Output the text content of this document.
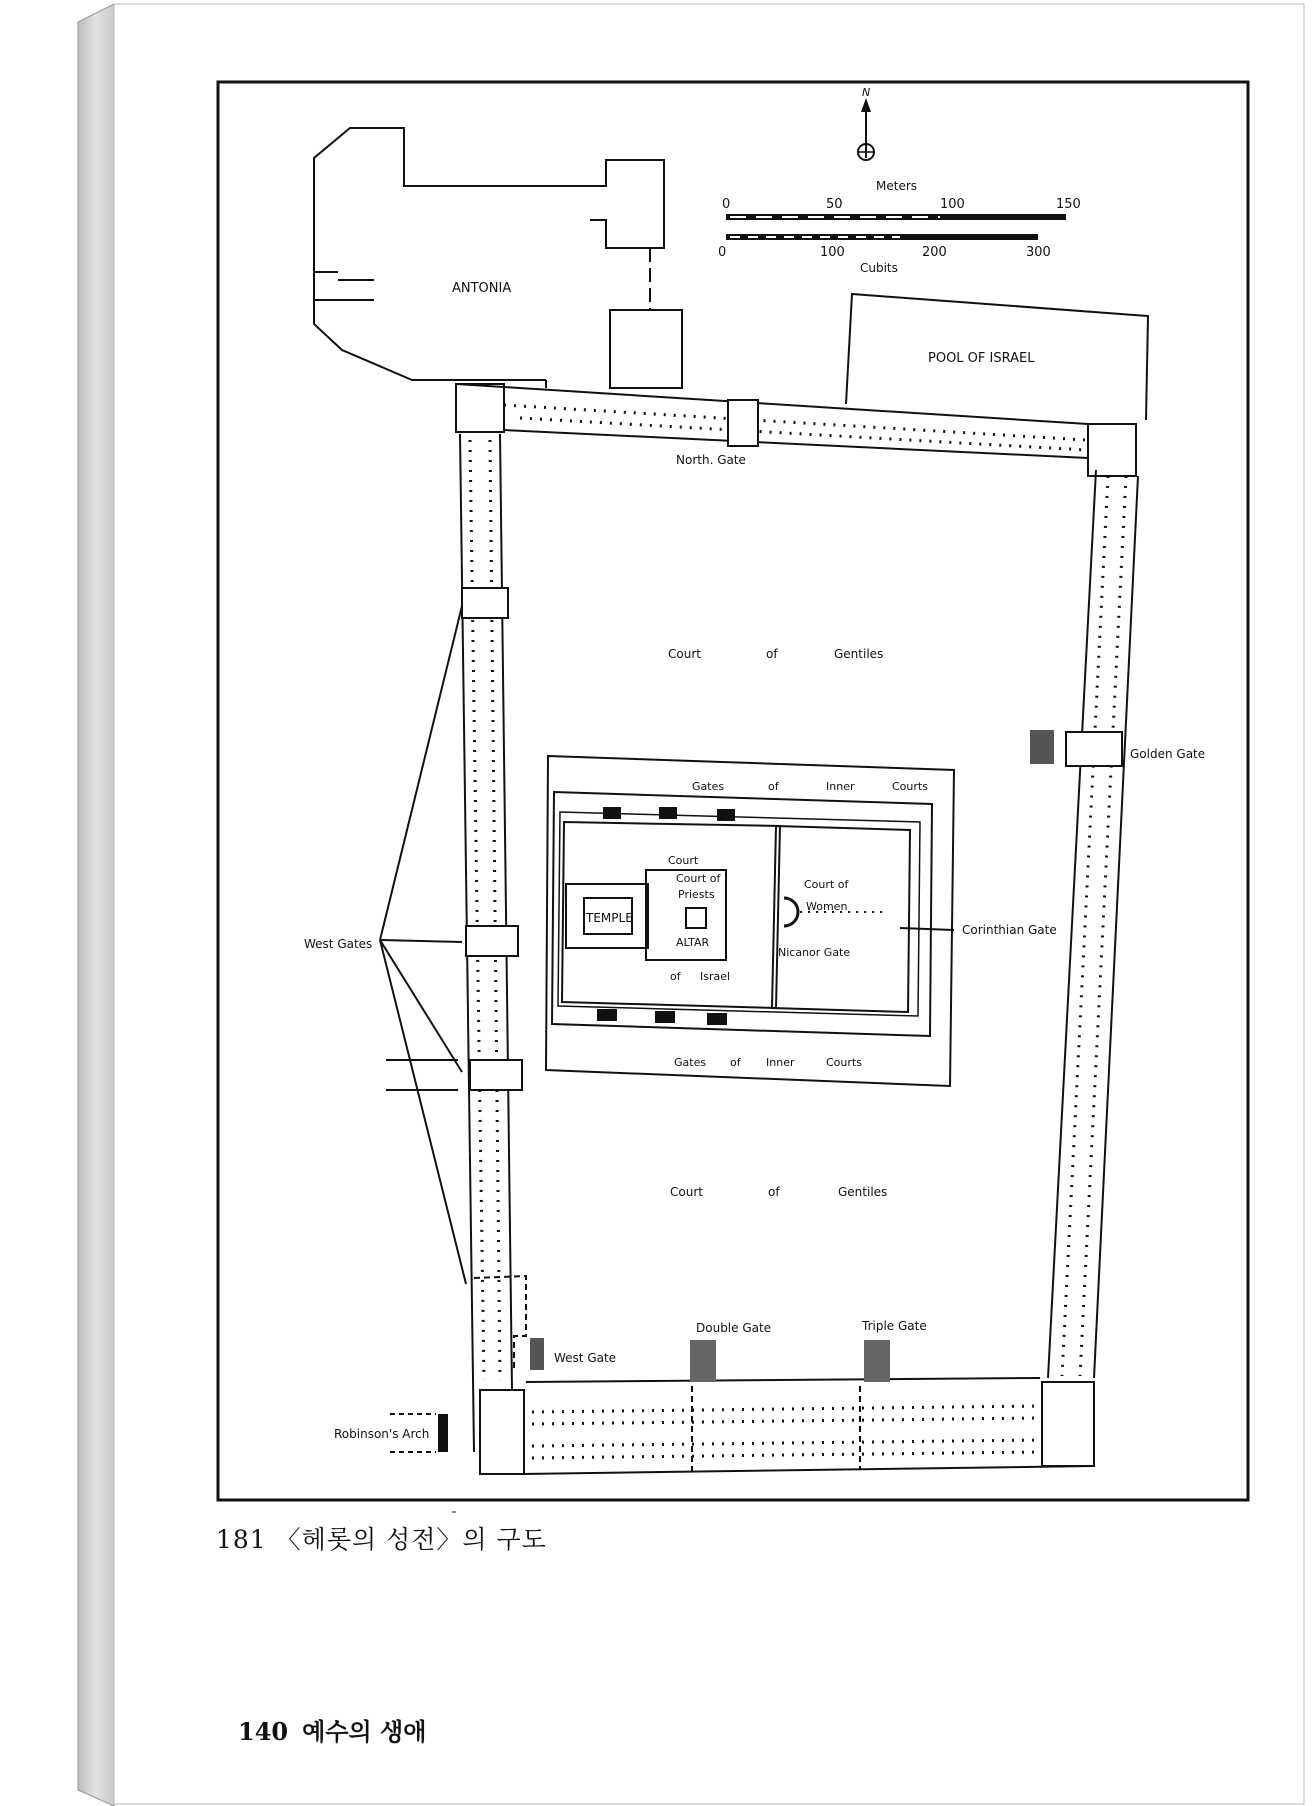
N
Meters
0	50	100	150
0	100	200	300
Cubits
ANTONIA
POOL OF ISRAEL
North. Gate
Court	of	Gentiles
Court	of	Gentiles
Golden Gate
West Gates
West Gate
Robinson's Arch
Double Gate	Triple Gate
TEMPLE
Court
Court of
Priests
ALTAR
of Israel
Court of
Women
Nicanor Gate
Gates	of	Inner	Courts
Gates of Inner	Courts
Corinthian Gate
181 〈헤롯의 성전〉의 구도
140 예수의 생애
